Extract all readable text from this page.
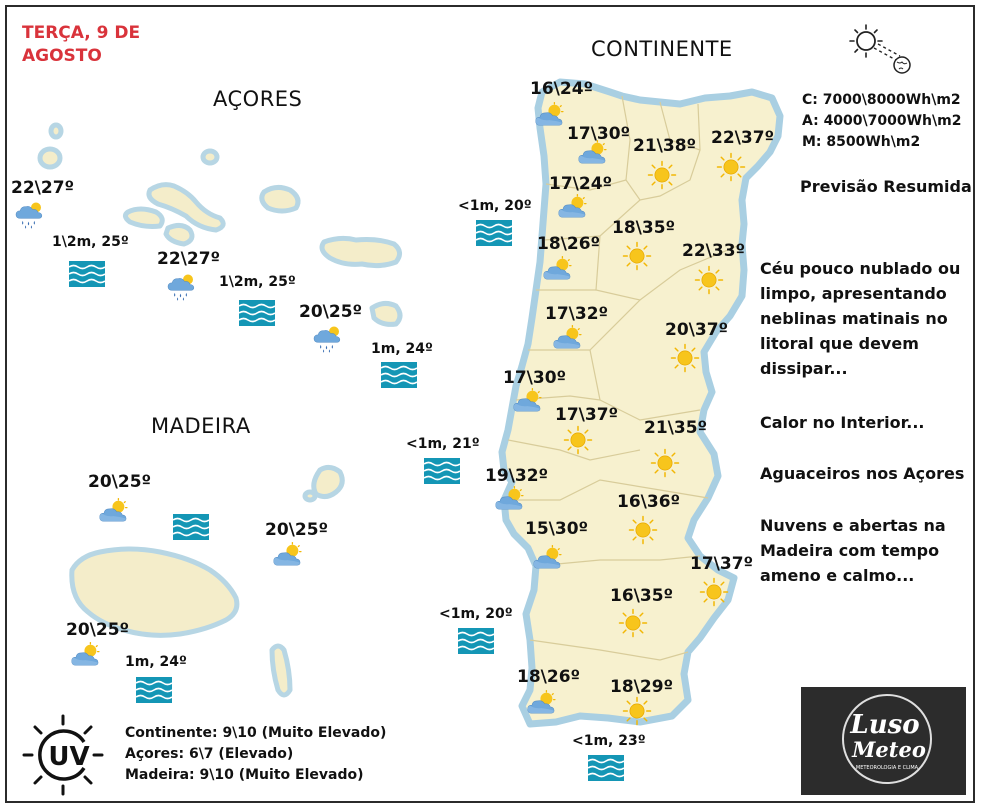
TERÇA, 9 DE
AGOSTO
AÇORES
MADEIRA
CONTINENTE
C: 7000\8000Wh\m2
A: 4000\7000Wh\m2
M: 8500Wh\m2
Previsão Resumida
Céu pouco nublado ou
limpo, apresentando
neblinas matinais no
litoral que devem
dissipar...
Calor no Interior...
Aguaceiros nos Açores
Nuvens e abertas na
Madeira com tempo
ameno e calmo...
16\24º
17\30º
21\38º 22\37º
17\24º
18\26º
18\35º
22\33º
17\32º
20\37º
17\30º
17\37º
21\35º
19\32º
16\36º
15\30º
17\37º
16\35º
18\26º 18\29º
<1m, 20º
<1m, 21º
<1m, 20º
<1m, 23º
22\27º
22\27º
20\25º
1\2m, 25º
1\2m, 25º
1m, 24º
20\25º
20\25º
20\25º
1m, 24º
UV
Continente: 9\10 (Muito Elevado)
Açores: 6\7 (Elevado)
Madeira: 9\10 (Muito Elevado)
Luso
Meteo
METEOROLOGIA E CLIMA
